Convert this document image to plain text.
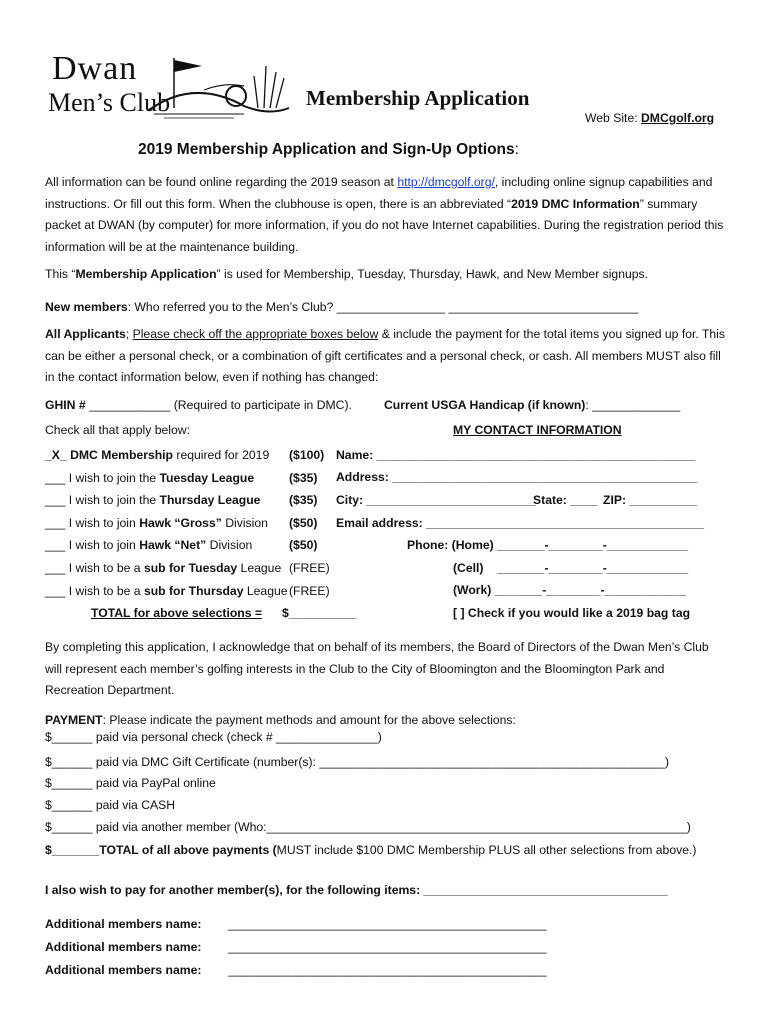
Dwan
Men’s Club	Membership Application
Web Site: DMCgolf.org
2019 Membership Application and Sign-Up Options:
All information can be found online regarding the 2019 season at http://dmcgolf.org/, including online signup capabilities and instructions. Or fill out this form. When the clubhouse is open, there is an abbreviated “2019 DMC Information” summary packet at DWAN (by computer) for more information, if you do not have Internet capabilities. During the registration period this information will be at the maintenance building.
This “Membership Application” is used for Membership, Tuesday, Thursday, Hawk, and New Member signups.
New members: Who referred you to the Men’s Club? ________________ ____________________________
All Applicants; Please check off the appropriate boxes below & include the payment for the total items you signed up for. This can be either a personal check, or a combination of gift certificates and a personal check, or cash. All members MUST also fill in the contact information below, even if nothing has changed:
GHIN # ____________ (Required to participate in DMC).	Current USGA Handicap (if known): _____________
Check all that apply below:	MY CONTACT INFORMATION
_X_ DMC Membership required for 2019 ($100)
___ I wish to join the Tuesday League	($35)
___ I wish to join the Thursday League ($35)
___ I wish to join Hawk “Gross” Division ($50)
___ I wish to join Hawk “Net” Division	($50)
___ I wish to be a sub for Tuesday League (FREE)
___ I wish to be a sub for Thursday League (FREE)
TOTAL for above selections = $__________
Name: _______________________________________________
Address: _____________________________________________
City: _________________________
State: ____ ZIP: __________
Email address: _________________________________________
Phone: (Home) _______-________-____________
(Cell)    _______-________-____________
(Work) _______-________-____________
[ ] Check if you would like a 2019 bag tag
By completing this application, I acknowledge that on behalf of its members, the Board of Directors of the Dwan Men’s Club will represent each member’s golfing interests in the Club to the City of Bloomington and the Bloomington Park and Recreation Department.
PAYMENT: Please indicate the payment methods and amount for the above selections:
$______ paid via personal check (check # _______________)
$______ paid via DMC Gift Certificate (number(s): ___________________________________________________)
$______ paid via PayPal online
$______ paid via CASH
$______ paid via another member (Who:______________________________________________________________)
$_______TOTAL of all above payments (MUST include $100 DMC Membership PLUS all other selections from above.)
I also wish to pay for another member(s), for the following items: ____________________________________
Additional members name: _______________________________________________
Additional members name: _______________________________________________
Additional members name: _______________________________________________
